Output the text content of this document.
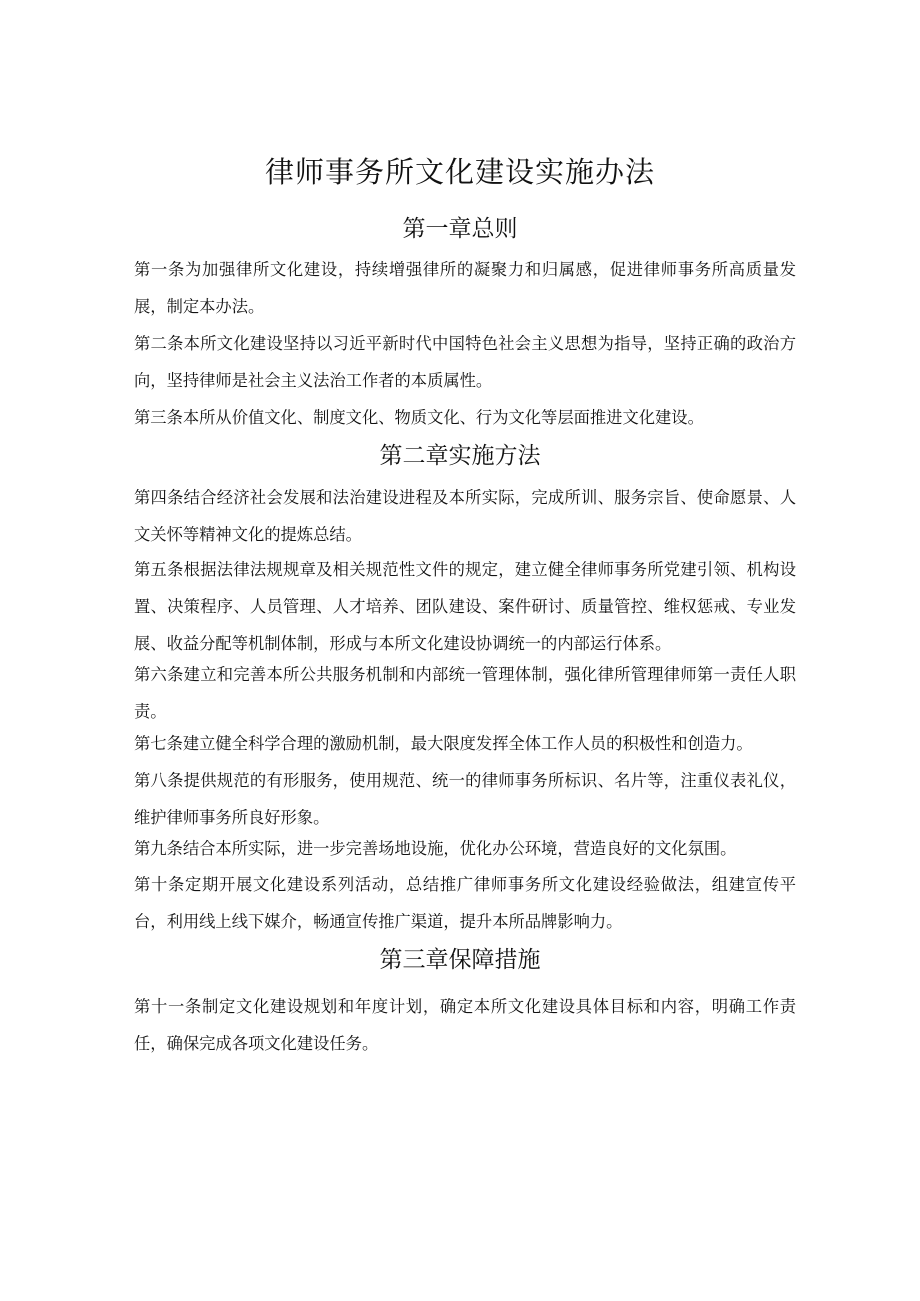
律师事务所文化建设实施办法
第一章总则

第一条为加强律所文化建设，持续增强律所的凝聚力和归属感，促进律师事务所高质量发展，制定本办法。

第二条本所文化建设坚持以习近平新时代中国特色社会主义思想为指导，坚持正确的政治方向，坚持律师是社会主义法治工作者的本质属性。

第三条本所从价值文化、制度文化、物质文化、行为文化等层面推进文化建设。

第二章实施方法

第四条结合经济社会发展和法治建设进程及本所实际，完成所训、服务宗旨、使命愿景、人文关怀等精神文化的提炼总结。

第五条根据法律法规规章及相关规范性文件的规定，建立健全律师事务所党建引领、机构设置、决策程序、人员管理、人才培养、团队建设、案件研讨、质量管控、维权惩戒、专业发展、收益分配等机制体制，形成与本所文化建设协调统一的内部运行体系。

第六条建立和完善本所公共服务机制和内部统一管理体制，强化律所管理律师第一责任人职责。

第七条建立健全科学合理的激励机制，最大限度发挥全体工作人员的积极性和创造力。

第八条提供规范的有形服务，使用规范、统一的律师事务所标识、名片等，注重仪表礼仪，维护律师事务所良好形象。

第九条结合本所实际，进一步完善场地设施，优化办公环境，营造良好的文化氛围。

第十条定期开展文化建设系列活动，总结推广律师事务所文化建设经验做法，组建宣传平台，利用线上线下媒介，畅通宣传推广渠道，提升本所品牌影响力。

第三章保障措施

第十一条制定文化建设规划和年度计划，确定本所文化建设具体目标和内容，明确工作责任，确保完成各项文化建设任务。
